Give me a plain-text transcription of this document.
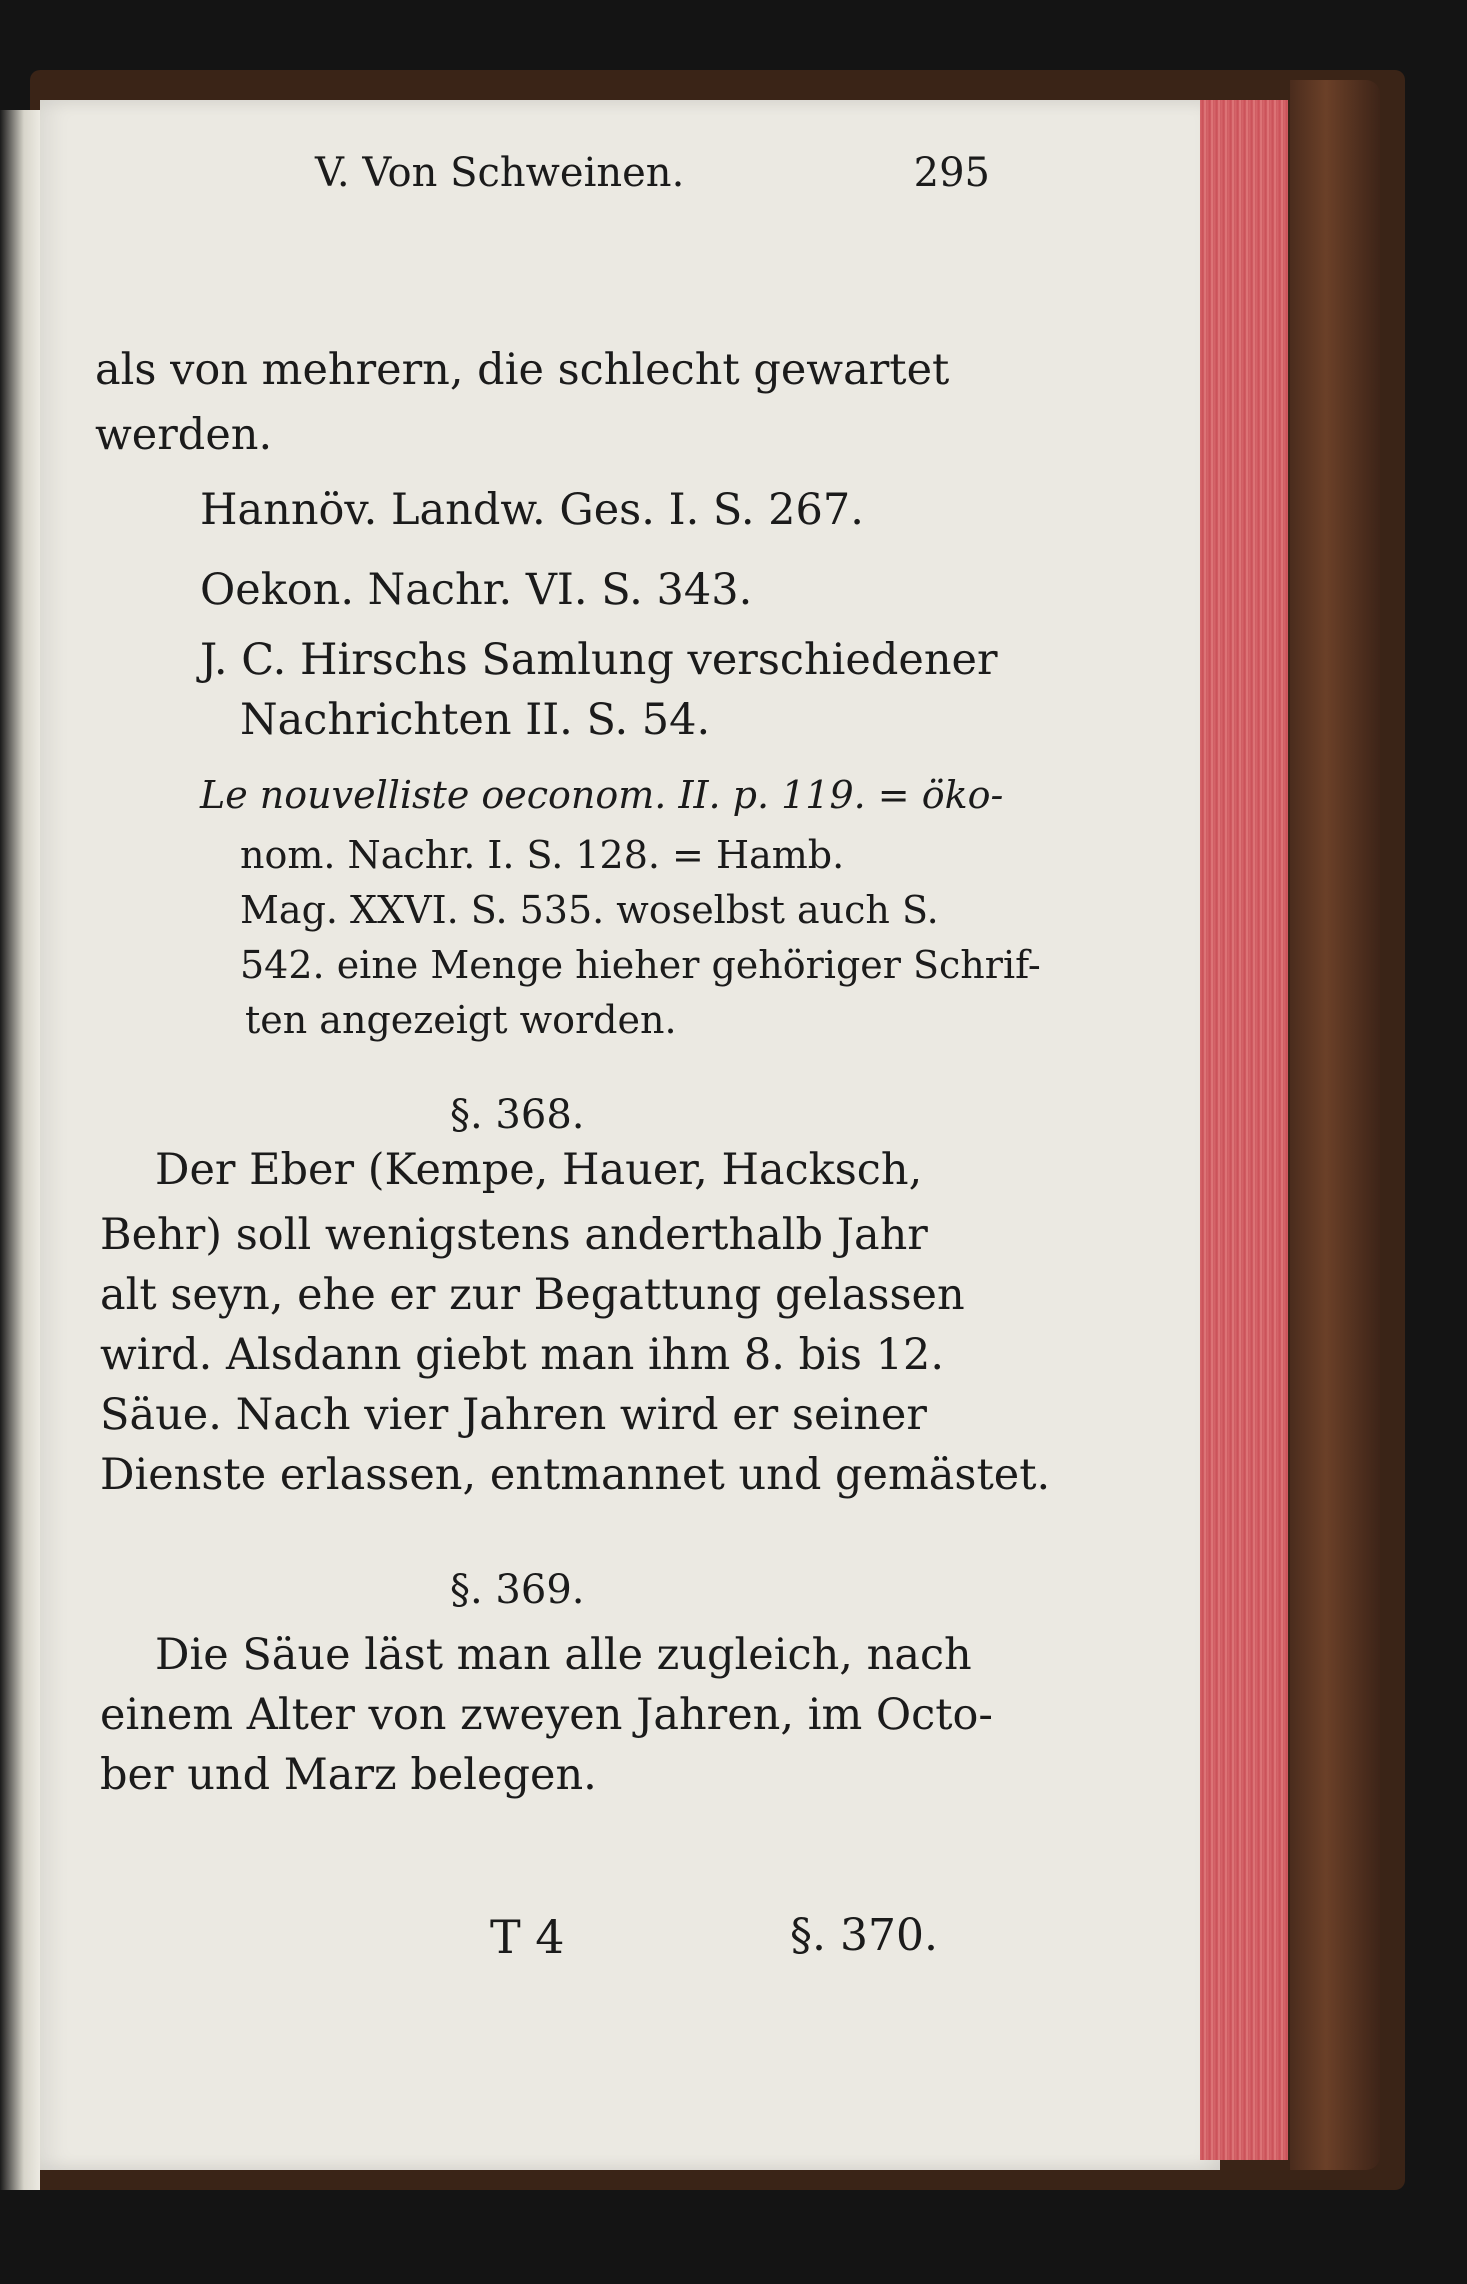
V. Von Schweinen.	295
als von mehrern, die schlecht gewartet
werden.
Hannöv. Landw. Ges. I. S. 267.
Oekon. Nachr. VI. S. 343.
J. C. Hirschs Samlung verschiedener
Nachrichten II. S. 54.
Le nouvelliste oeconom. II. p. 119. = öko-
nom. Nachr. I. S. 128. = Hamb.
Mag. XXVI. S. 535. woselbst auch S.
542. eine Menge hieher gehöriger Schrif-
ten angezeigt worden.
§. 368.
Der Eber (Kempe, Hauer, Hacksch,
Behr) soll wenigstens anderthalb Jahr
alt seyn, ehe er zur Begattung gelassen
wird. Alsdann giebt man ihm 8. bis 12.
Säue. Nach vier Jahren wird er seiner
Dienste erlassen, entmannet und gemästet.
§. 369.
Die Säue läst man alle zugleich, nach
einem Alter von zweyen Jahren, im Octo-
ber und Marz belegen.
T 4	§. 370.
